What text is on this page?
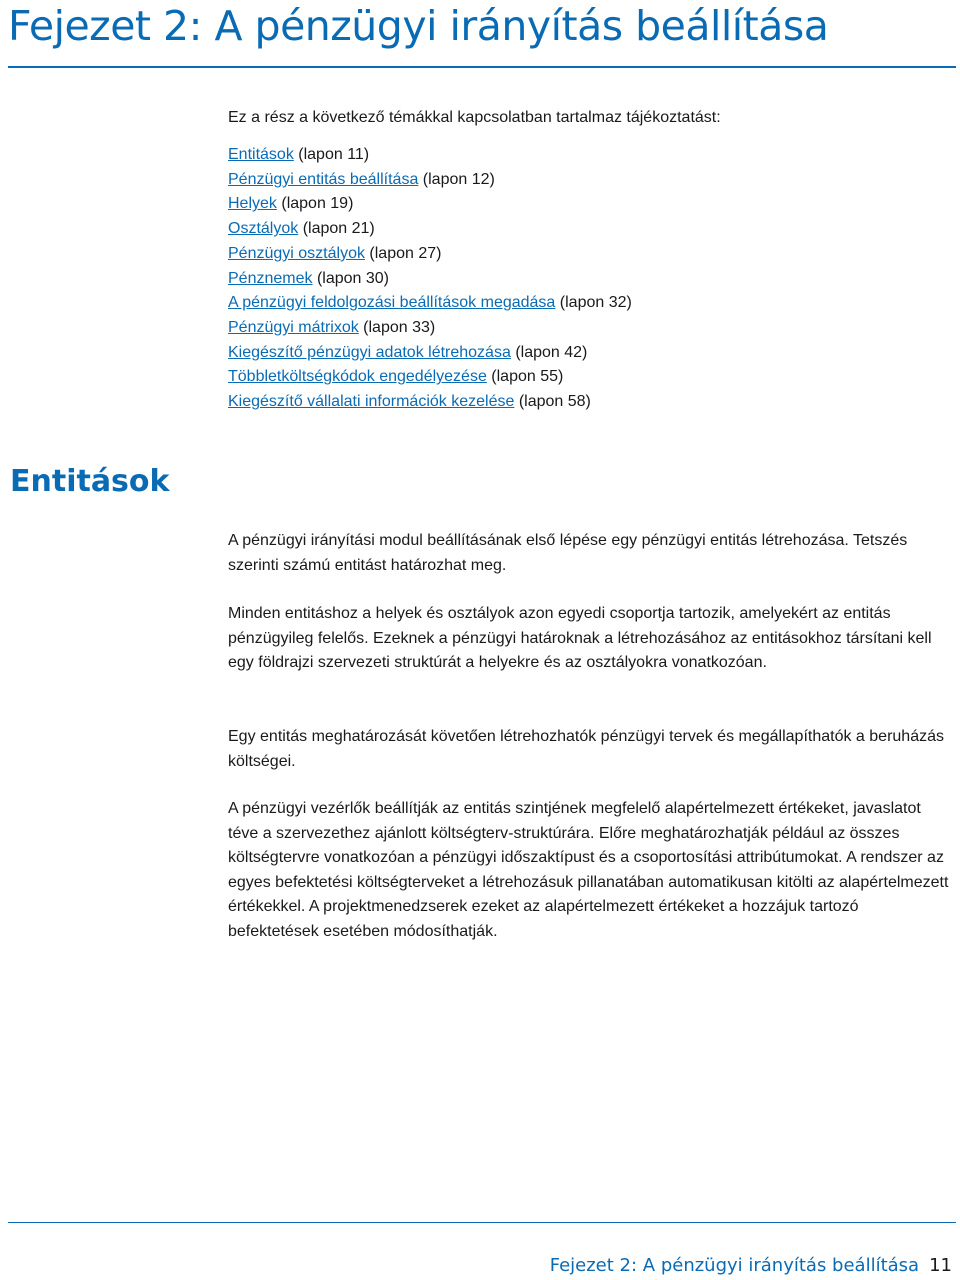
Fejezet 2: A pénzügyi irányítás beállítása

Ez a rész a következő témákkal kapcsolatban tartalmaz tájékoztatást:

Entitások (lapon 11)
Pénzügyi entitás beállítása (lapon 12)
Helyek (lapon 19)
Osztályok (lapon 21)
Pénzügyi osztályok (lapon 27)
Pénznemek (lapon 30)
A pénzügyi feldolgozási beállítások megadása (lapon 32)
Pénzügyi mátrixok (lapon 33)
Kiegészítő pénzügyi adatok létrehozása (lapon 42)
Többletköltségkódok engedélyezése (lapon 55)
Kiegészítő vállalati információk kezelése (lapon 58)
Entitások

A pénzügyi irányítási modul beállításának első lépése egy pénzügyi entitás létrehozása. Tetszés szerinti számú entitást határozhat meg.

Minden entitáshoz a helyek és osztályok azon egyedi csoportja tartozik, amelyekért az entitás pénzügyileg felelős. Ezeknek a pénzügyi határoknak a létrehozásához az entitásokhoz társítani kell egy földrajzi szervezeti struktúrát a helyekre és az osztályokra vonatkozóan.

Egy entitás meghatározását követően létrehozhatók pénzügyi tervek és megállapíthatók a beruházás költségei.

A pénzügyi vezérlők beállítják az entitás szintjének megfelelő alapértelmezett értékeket, javaslatot téve a szervezethez ajánlott költségterv-struktúrára. Előre meghatározhatják például az összes költségtervre vonatkozóan a pénzügyi időszaktípust és a csoportosítási attribútumokat. A rendszer az egyes befektetési költségterveket a létrehozásuk pillanatában automatikusan kitölti az alapértelmezett értékekkel. A projektmenedzserek ezeket az alapértelmezett értékeket a hozzájuk tartozó befektetések esetében módosíthatják.

Fejezet 2: A pénzügyi irányítás beállítása 11
